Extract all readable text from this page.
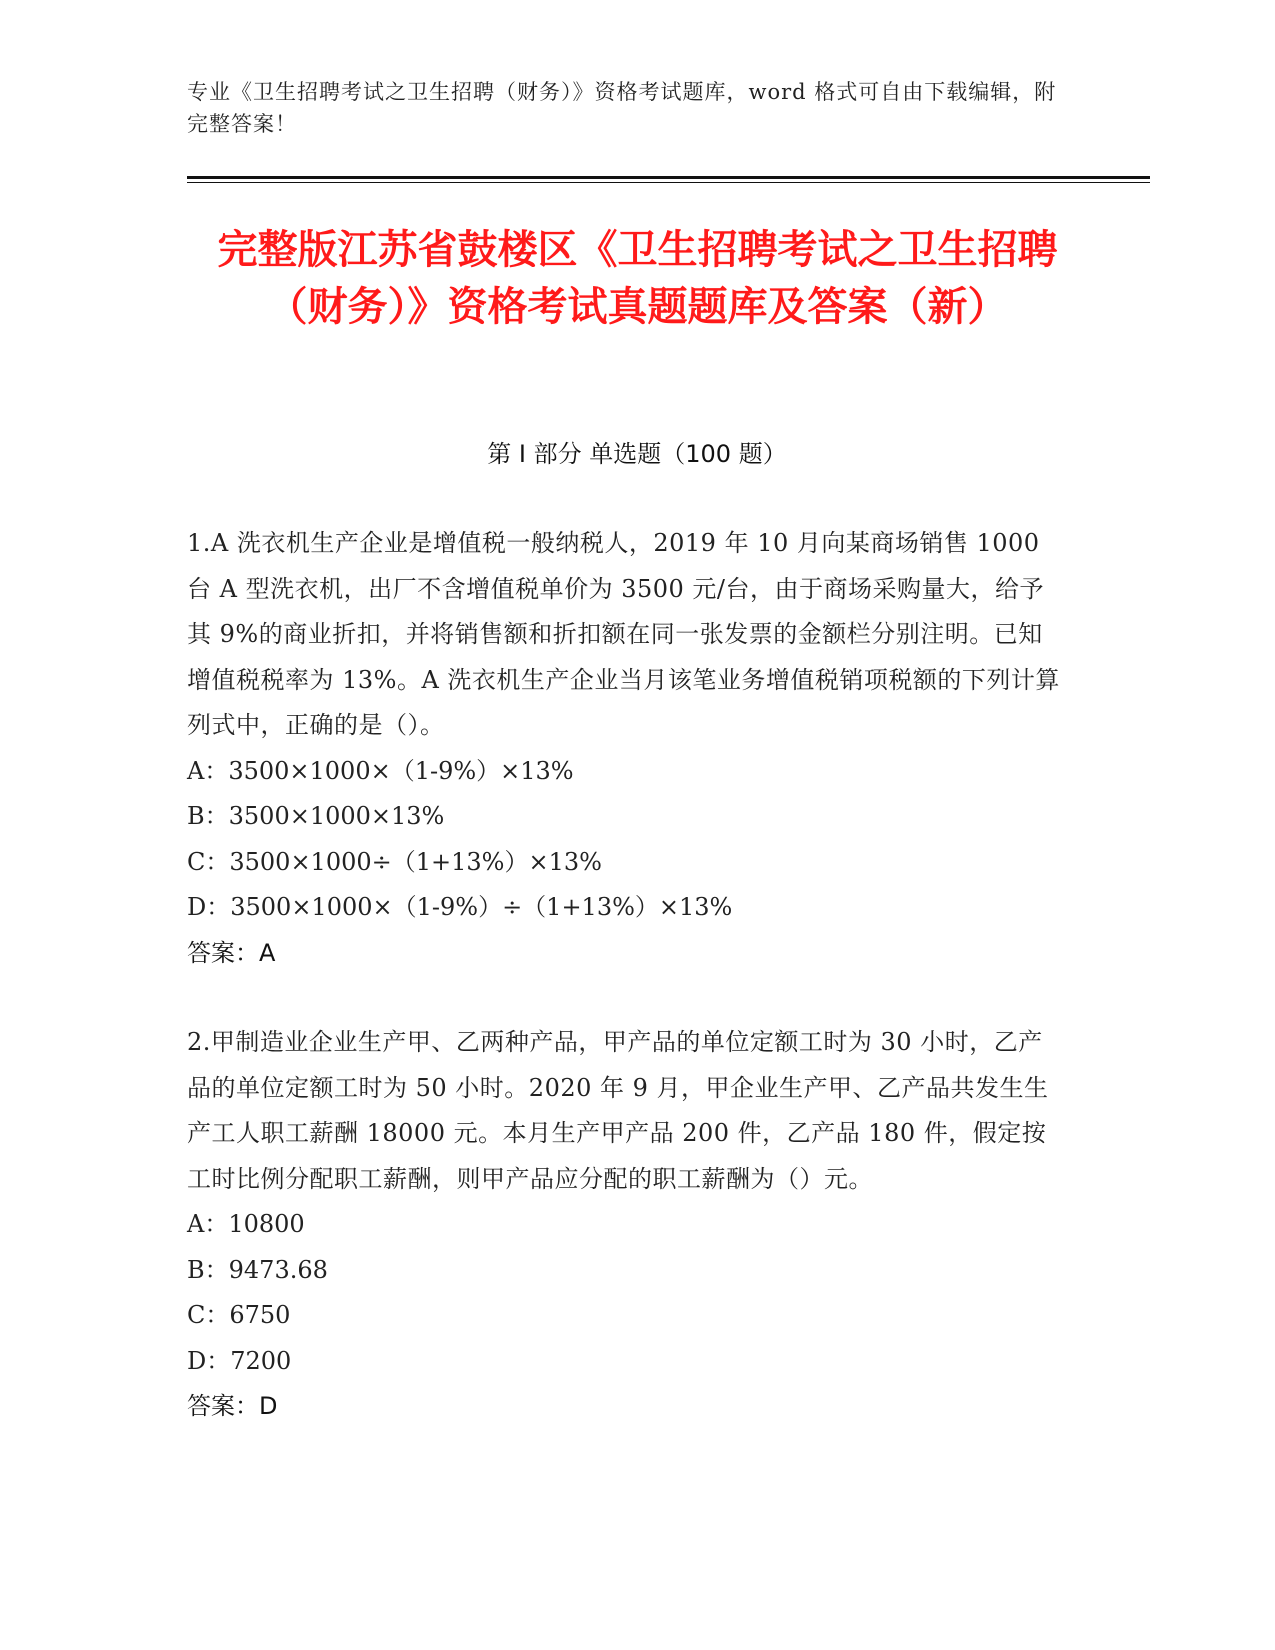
专业《卫生招聘考试之卫生招聘（财务）》资格考试题库，word 格式可自由下载编辑，附完整答案！
完整版江苏省鼓楼区《卫生招聘考试之卫生招聘（财务）》资格考试真题题库及答案（新）
第 I 部分 单选题（100 题）
1.A 洗衣机生产企业是增值税一般纳税人，2019 年 10 月向某商场销售 1000 台 A 型洗衣机，出厂不含增值税单价为 3500 元/台，由于商场采购量大，给予其 9%的商业折扣，并将销售额和折扣额在同一张发票的金额栏分别注明。已知增值税税率为 13%。A 洗衣机生产企业当月该笔业务增值税销项税额的下列计算列式中，正确的是（）。
A：3500×1000×（1-9%）×13%
B：3500×1000×13%
C：3500×1000÷（1+13%）×13%
D：3500×1000×（1-9%）÷（1+13%）×13%
答案：A
2.甲制造业企业生产甲、乙两种产品，甲产品的单位定额工时为 30 小时，乙产品的单位定额工时为 50 小时。2020 年 9 月，甲企业生产甲、乙产品共发生生产工人职工薪酬 18000 元。本月生产甲产品 200 件，乙产品 180 件，假定按工时比例分配职工薪酬，则甲产品应分配的职工薪酬为（）元。
A：10800
B：9473.68
C：6750
D：7200
答案：D
